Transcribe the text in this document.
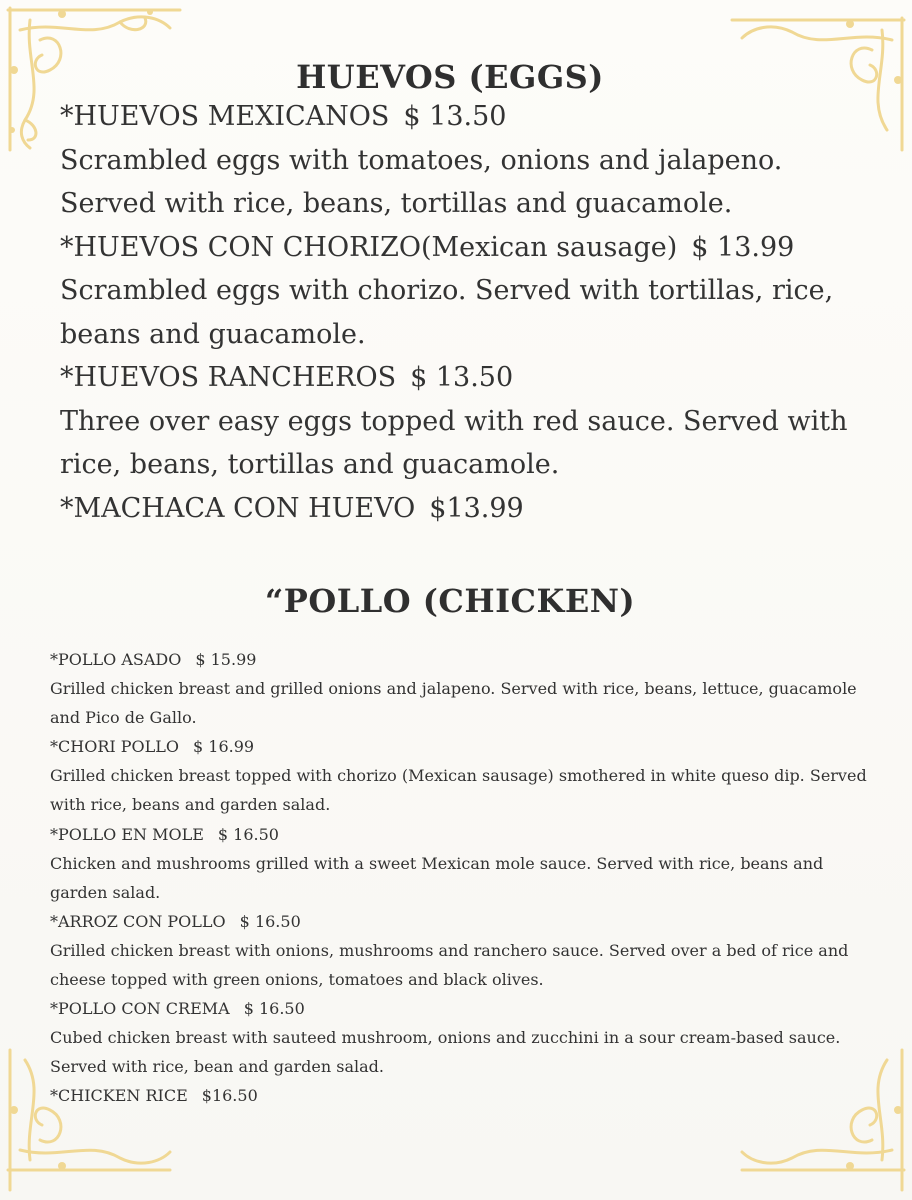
HUEVOS (EGGS)

*HUEVOS MEXICANOS $ 13.50

Scrambled eggs with tomatoes, onions and jalapeno. Served with rice, beans, tortillas and guacamole.

*HUEVOS CON CHORIZO(Mexican sausage) $ 13.99

Scrambled eggs with chorizo. Served with tortillas, rice, beans and guacamole.

*HUEVOS RANCHEROS $ 13.50

Three over easy eggs topped with red sauce. Served with rice, beans, tortillas and guacamole.

*MACHACA CON HUEVO $13.99

“POLLO (CHICKEN)

*POLLO ASADO $ 15.99

Grilled chicken breast and grilled onions and jalapeno. Served with rice, beans, lettuce, guacamole and Pico de Gallo.

*CHORI POLLO $ 16.99

Grilled chicken breast topped with chorizo (Mexican sausage) smothered in white queso dip. Served with rice, beans and garden salad.

*POLLO EN MOLE $ 16.50

Chicken and mushrooms grilled with a sweet Mexican mole sauce. Served with rice, beans and garden salad.

*ARROZ CON POLLO $ 16.50

Grilled chicken breast with onions, mushrooms and ranchero sauce. Served over a bed of rice and cheese topped with green onions, tomatoes and black olives.

*POLLO CON CREMA $ 16.50

Cubed chicken breast with sauteed mushroom, onions and zucchini in a sour cream-based sauce. Served with rice, bean and garden salad.

*CHICKEN RICE $16.50
